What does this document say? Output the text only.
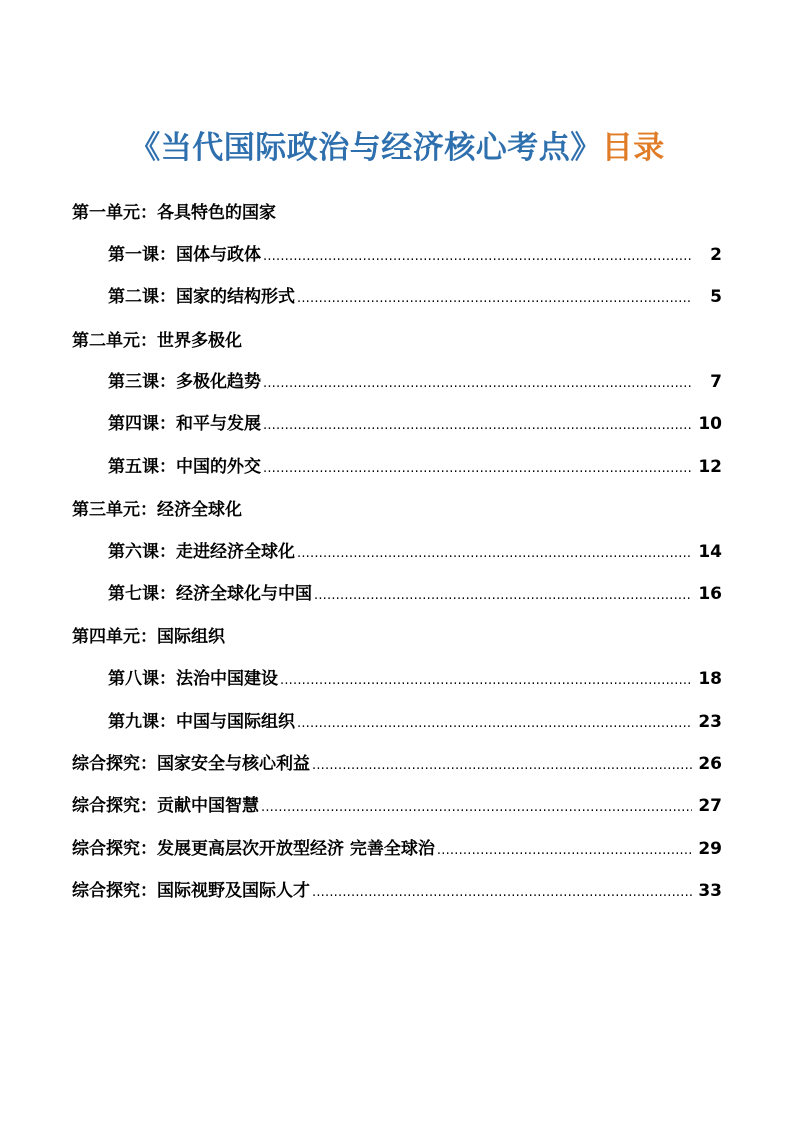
《当代国际政治与经济核心考点》目录
第一单元：各具特色的国家
第一课：国体与政体 .....	2
第二课：国家的结构形式 .....	5
第二单元：世界多极化
第三课：多极化趋势 .....	7
第四课：和平与发展 .....	10
第五课：中国的外交 .....	12
第三单元：经济全球化
第六课：走进经济全球化 .....	14
第七课：经济全球化与中国 .....	16
第四单元：国际组织
第八课：法治中国建设 .....	18
第九课：中国与国际组织 .....	23
综合探究：国家安全与核心利益 .....	26
综合探究：贡献中国智慧 .....	27
综合探究：发展更高层次开放型经济 完善全球治 .....	29
综合探究：国际视野及国际人才 .....	33
